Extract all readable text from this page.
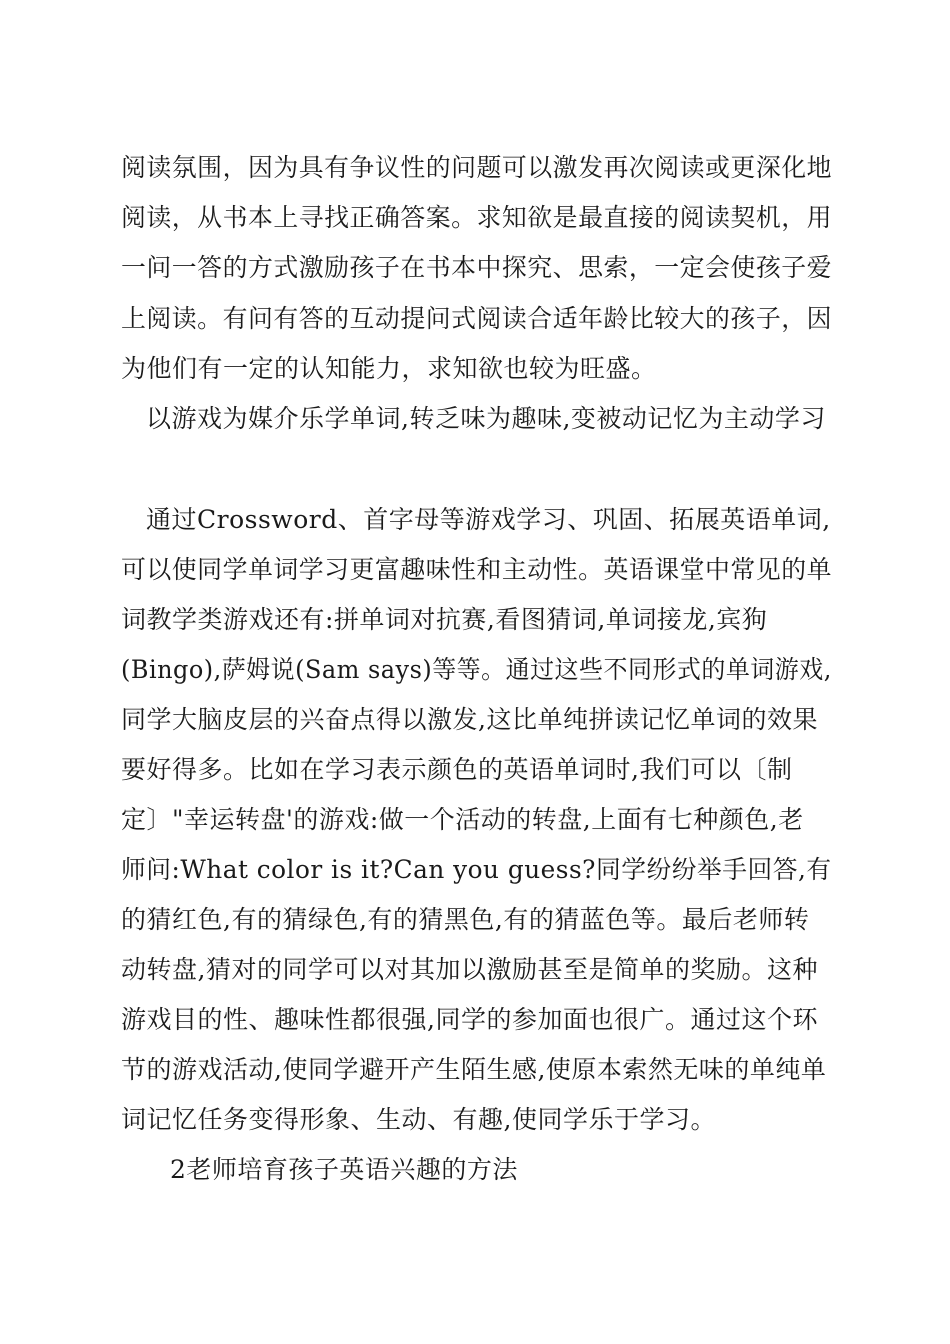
阅读氛围，因为具有争议性的问题可以激发再次阅读或更深化地
阅读，从书本上寻找正确答案。求知欲是最直接的阅读契机，用
一问一答的方式激励孩子在书本中探究、思索，一定会使孩子爱
上阅读。有问有答的互动提问式阅读合适年龄比较大的孩子，因
为他们有一定的认知能力，求知欲也较为旺盛。
以游戏为媒介乐学单词,转乏味为趣味,变被动记忆为主动学习
通过Crossword、首字母等游戏学习、巩固、拓展英语单词,
可以使同学单词学习更富趣味性和主动性。英语课堂中常见的单
词教学类游戏还有:拼单词对抗赛,看图猜词,单词接龙,宾狗
(Bingo),萨姆说(Sam says)等等。通过这些不同形式的单词游戏,
同学大脑皮层的兴奋点得以激发,这比单纯拼读记忆单词的效果
要好得多。比如在学习表示颜色的英语单词时,我们可以〔制
定〕"幸运转盘'的游戏:做一个活动的转盘,上面有七种颜色,老
师问:What color is it?Can you guess?同学纷纷举手回答,有
的猜红色,有的猜绿色,有的猜黑色,有的猜蓝色等。最后老师转
动转盘,猜对的同学可以对其加以激励甚至是简单的奖励。这种
游戏目的性、趣味性都很强,同学的参加面也很广。通过这个环
节的游戏活动,使同学避开产生陌生感,使原本索然无味的单纯单
词记忆任务变得形象、生动、有趣,使同学乐于学习。
2老师培育孩子英语兴趣的方法
